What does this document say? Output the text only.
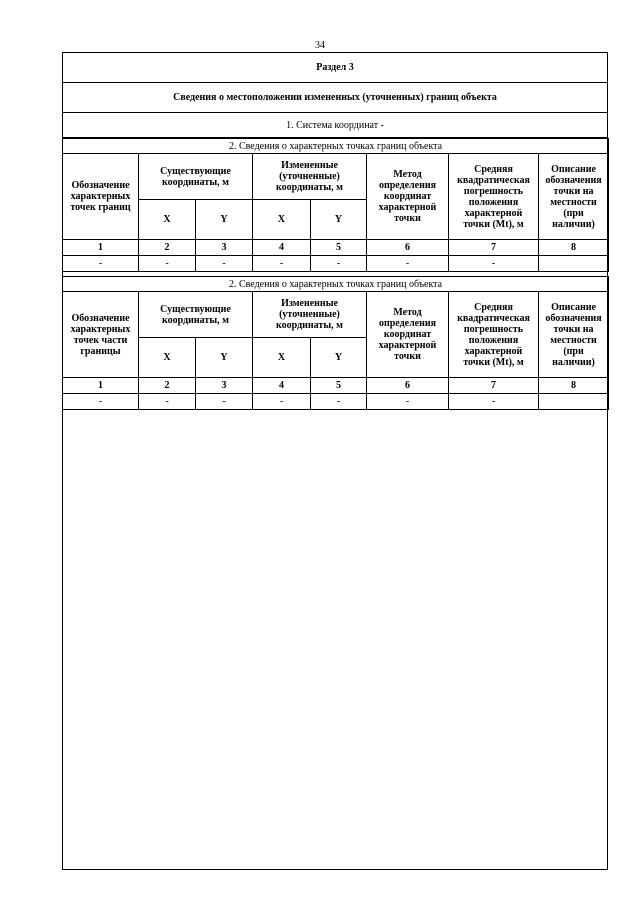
34
Раздел 3
Сведения о местоположении измененных (уточненных) границ объекта
1. Система координат -
2. Сведения о характерных точках границ объекта							
Обозначение характерных точек границ	Существующие координаты, м		Измененные (уточненные) координаты, м		Метод определения координат характерной точки	Средняя квадратическая погрешность положения характерной точки (Mt), м	Описание обозначения точки на местности (при наличии)
	X	Y	X	Y			
1	2	3	4	5	6	7	8
-	-	-	-	-	-	-	
2. Сведения о характерных точках границ объекта							
Обозначение характерных точек части границы	Существующие координаты, м		Измененные (уточненные) координаты, м		Метод определения координат характерной точки	Средняя квадратическая погрешность положения характерной точки (Mt), м	Описание обозначения точки на местности (при наличии)
	X	Y	X	Y			
1	2	3	4	5	6	7	8
-	-	-	-	-	-	-	
